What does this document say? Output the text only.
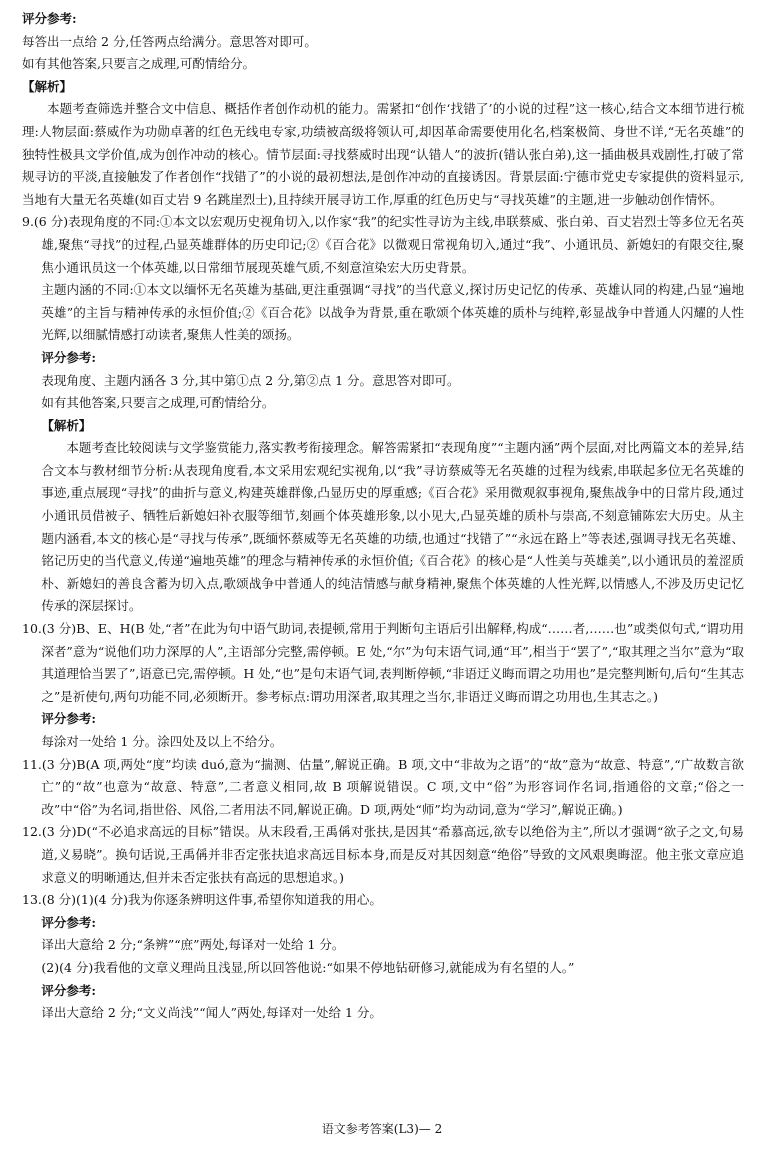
评分参考:

每答出一点给 2 分,任答两点给满分。意思答对即可。

如有其他答案,只要言之成理,可酌情给分。

【解析】

本题考查筛选并整合文中信息、概括作者创作动机的能力。需紧扣“创作‘找错了’的小说的过程”这一核心,结合文本细节进行梳理:人物层面:蔡威作为功勋卓著的红色无线电专家,功绩被高级将领认可,却因革命需要使用化名,档案极简、身世不详,“无名英雄”的独特性极具文学价值,成为创作冲动的核心。情节层面:寻找蔡威时出现“认错人”的波折(错认张白弟),这一插曲极具戏剧性,打破了常规寻访的平淡,直接触发了作者创作“找错了”的小说的最初想法,是创作冲动的直接诱因。背景层面:宁德市党史专家提供的资料显示,当地有大量无名英雄(如百丈岩 9 名跳崖烈士),且持续开展寻访工作,厚重的红色历史与“寻找英雄”的主题,进一步触动创作情怀。

9.(6 分)表现角度的不同:①本文以宏观历史视角切入,以作家“我”的纪实性寻访为主线,串联蔡威、张白弟、百丈岩烈士等多位无名英雄,聚焦“寻找”的过程,凸显英雄群体的历史印记;②《百合花》以微观日常视角切入,通过“我”、小通讯员、新媳妇的有限交往,聚焦小通讯员这一个体英雄,以日常细节展现英雄气质,不刻意渲染宏大历史背景。

主题内涵的不同:①本文以缅怀无名英雄为基础,更注重强调“寻找”的当代意义,探讨历史记忆的传承、英雄认同的构建,凸显“遍地英雄”的主旨与精神传承的永恒价值;②《百合花》以战争为背景,重在歌颂个体英雄的质朴与纯粹,彰显战争中普通人闪耀的人性光辉,以细腻情感打动读者,聚焦人性美的颂扬。

评分参考:

表现角度、主题内涵各 3 分,其中第①点 2 分,第②点 1 分。意思答对即可。

如有其他答案,只要言之成理,可酌情给分。

【解析】

本题考查比较阅读与文学鉴赏能力,落实教考衔接理念。解答需紧扣“表现角度”“主题内涵”两个层面,对比两篇文本的差异,结合文本与教材细节分析:从表现角度看,本文采用宏观纪实视角,以“我”寻访蔡威等无名英雄的过程为线索,串联起多位无名英雄的事迹,重点展现“寻找”的曲折与意义,构建英雄群像,凸显历史的厚重感;《百合花》采用微观叙事视角,聚焦战争中的日常片段,通过小通讯员借被子、牺牲后新媳妇补衣服等细节,刻画个体英雄形象,以小见大,凸显英雄的质朴与崇高,不刻意铺陈宏大历史。从主题内涵看,本文的核心是“寻找与传承”,既缅怀蔡威等无名英雄的功绩,也通过“找错了”“永远在路上”等表述,强调寻找无名英雄、铭记历史的当代意义,传递“遍地英雄”的理念与精神传承的永恒价值;《百合花》的核心是“人性美与英雄美”,以小通讯员的羞涩质朴、新媳妇的善良含蓄为切入点,歌颂战争中普通人的纯洁情感与献身精神,聚焦个体英雄的人性光辉,以情感人,不涉及历史记忆传承的深层探讨。

10.(3 分)B、E、H(B 处,“者”在此为句中语气助词,表提顿,常用于判断句主语后引出解释,构成“……者,……也”或类似句式,“谓功用深者”意为“说他们功力深厚的人”,主语部分完整,需停顿。E 处,“尔”为句末语气词,通“耳”,相当于“罢了”,“取其理之当尔”意为“取其道理恰当罢了”,语意已完,需停顿。H 处,“也”是句末语气词,表判断停顿,“非语迂义晦而谓之功用也”是完整判断句,后句“生其志之”是祈使句,两句功能不同,必须断开。参考标点:谓功用深者,取其理之当尔,非语迂义晦而谓之功用也,生其志之。)

评分参考:

每涂对一处给 1 分。涂四处及以上不给分。

11.(3 分)B(A 项,两处“度”均读 duó,意为“揣测、估量”,解说正确。B 项,文中“非故为之语”的“故”意为“故意、特意”,“广故数言欲亡”的“故”也意为“故意、特意”,二者意义相同,故 B 项解说错误。C 项,文中“俗”为形容词作名词,指通俗的文章;“俗之一改”中“俗”为名词,指世俗、风俗,二者用法不同,解说正确。D 项,两处“师”均为动词,意为“学习”,解说正确。)

12.(3 分)D(“不必追求高远的目标”错误。从末段看,王禹偁对张扶,是因其“希慕高远,欲专以绝俗为主”,所以才强调“欲子之文,句易道,义易晓”。换句话说,王禹偁并非否定张扶追求高远目标本身,而是反对其因刻意“绝俗”导致的文风艰奥晦涩。他主张文章应追求意义的明晰通达,但并未否定张扶有高远的思想追求。)

13.(8 分)(1)(4 分)我为你逐条辨明这件事,希望你知道我的用心。

评分参考:

译出大意给 2 分;“条辨”“庶”两处,每译对一处给 1 分。

(2)(4 分)我看他的文章义理尚且浅显,所以回答他说:“如果不停地钻研修习,就能成为有名望的人。”

评分参考:

译出大意给 2 分;“文义尚浅”“闻人”两处,每译对一处给 1 分。

语文参考答案(L3)— 2
